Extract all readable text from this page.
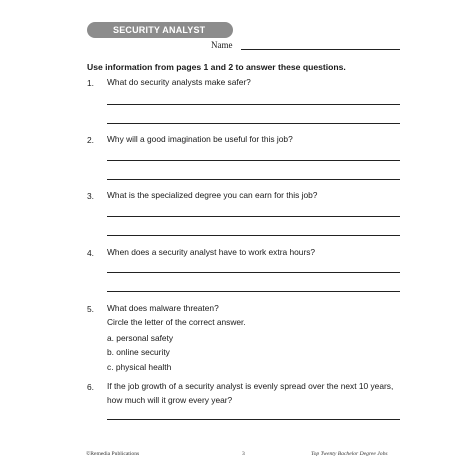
SECURITY ANALYST
Name
Use information from pages 1 and 2 to answer these questions.
1. What do security analysts make safer?
2. Why will a good imagination be useful for this job?
3. What is the specialized degree you can earn for this job?
4. When does a security analyst have to work extra hours?
5. What does malware threaten?
Circle the letter of the correct answer.
a. personal safety
b. online security
c. physical health
6. If the job growth of a security analyst is evenly spread over the next 10 years,
how much will it grow every year?
©Remedia Publications	3	Top Twenty Bachelor Degree Jobs
